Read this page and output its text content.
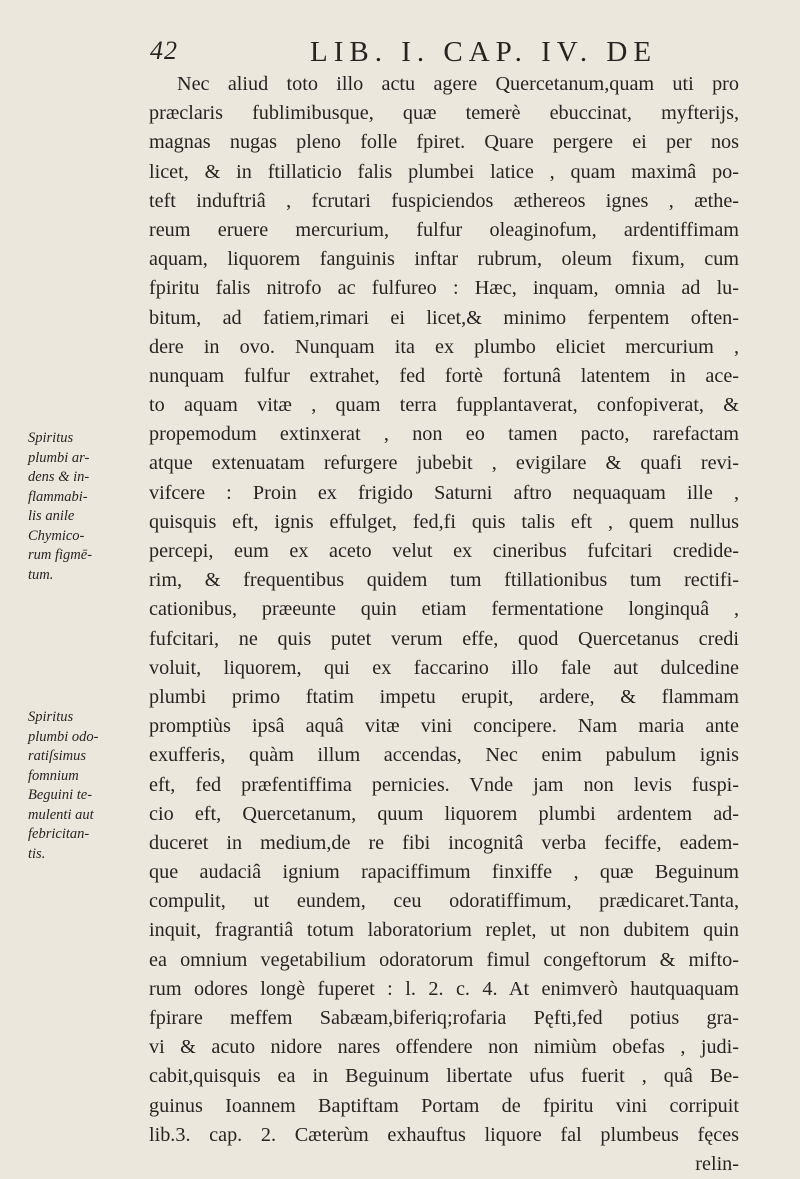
42	LIB. I. CAP. IV. DE
Nec aliud toto illo actu agere Quercetanum,quam uti pro
præclaris fublimibusque, quæ temerè ebuccinat, myfterijs,
magnas nugas pleno folle fpiret. Quare pergere ei per nos
licet, & in ftillaticio falis plumbei latice , quam maximâ po-
teft induftriâ , fcrutari fuspiciendos æthereos ignes , æthe-
reum eruere mercurium, fulfur oleaginofum, ardentiffimam
aquam, liquorem fanguinis inftar rubrum, oleum fixum, cum
fpiritu falis nitrofo ac fulfureo : Hæc, inquam, omnia ad lu-
bitum, ad fatiem,rimari ei licet,& minimo ferpentem often-
dere in ovo. Nunquam ita ex plumbo eliciet mercurium ,
nunquam fulfur extrahet, fed fortè fortunâ latentem in ace-
to aquam vitæ , quam terra fupplantaverat, confopiverat, &
propemodum extinxerat , non eo tamen pacto, rarefactam
atque extenuatam refurgere jubebit , evigilare & quafi revi-
vifcere : Proin ex frigido Saturni aftro nequaquam ille ,
quisquis eft, ignis effulget, fed,fi quis talis eft , quem nullus
percepi, eum ex aceto velut ex cineribus fufcitari credide-
rim, & frequentibus quidem tum ftillationibus tum rectifi-
cationibus, præeunte quin etiam fermentatione longinquâ ,
fufcitari, ne quis putet verum effe, quod Quercetanus credi
voluit, liquorem, qui ex faccarino illo fale aut dulcedine
plumbi primo ftatim impetu erupit, ardere, & flammam
promptiùs ipsâ aquâ vitæ vini concipere. Nam maria ante
exufferis, quàm illum accendas, Nec enim pabulum ignis
eft, fed præfentiffima pernicies. Vnde jam non levis fuspi-
cio eft, Quercetanum, quum liquorem plumbi ardentem ad-
duceret in medium,de re fibi incognitâ verba feciffe, eadem-
que audaciâ ignium rapaciffimum finxiffe , quæ Beguinum
compulit, ut eundem, ceu odoratiffimum, prædicaret.Tanta,
inquit, fragrantiâ totum laboratorium replet, ut non dubitem quin
ea omnium vegetabilium odoratorum fimul congeftorum & mifto-
rum odores longè fuperet : l. 2. c. 4. At enimverò hautquaquam
fpirare meffem Sabæam,biferiq;rofaria Pęfti,fed potius gra-
vi & acuto nidore nares offendere non nimiùm obefas , judi-
cabit,quisquis ea in Beguinum libertate ufus fuerit , quâ Be-
guinus Ioannem Baptiftam Portam de fpiritu vini corripuit
lib.3. cap. 2. Cæterùm exhauftus liquore fal plumbeus fęces
relin-
Spiritus
plumbi ar-
dens & in-
flammabi-
lis anile
Chymico-
rum figmē-
tum.
Spiritus
plumbi odo-
ratiſsimus
fomnium
Beguini te-
mulenti aut
febricitan-
tis.
